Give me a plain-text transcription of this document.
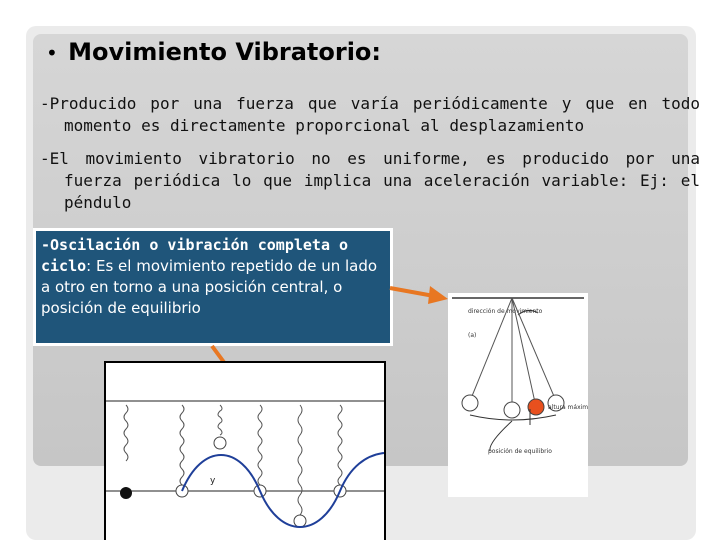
• Movimiento Vibratorio:
-Producido por una fuerza que varía periódicamente y que en todo momento es directamente proporcional al desplazamiento
-El movimiento vibratorio no es uniforme, es producido por una fuerza periódica lo que implica una aceleración variable: Ej: el péndulo
-Oscilación o vibración completa o ciclo: Es el movimiento repetido de un lado a otro en torno a una posición central, o posición de equilibrio	dirección de movimiento
(a)
altura máxima
posición de equilibrio
y
